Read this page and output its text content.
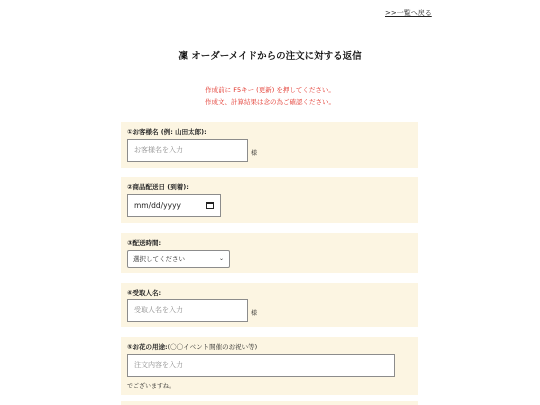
>>一覧へ戻る
凜 オーダーメイドからの注文に対する返信
作成前に F5キー (更新) を押してください。
作成文、計算結果は念の為ご確認ください。
①お客様名 (例: 山田太郎):
お客様名を入力	様
②商品配送日 (到着):
mm/dd/yyyy
③配送時間:
選択してください	⌄
④受取人名:
受取人名を入力	様
⑤お花の用途:(〇〇イベント開催のお祝い等)
注文内容を入力
でございますね。
